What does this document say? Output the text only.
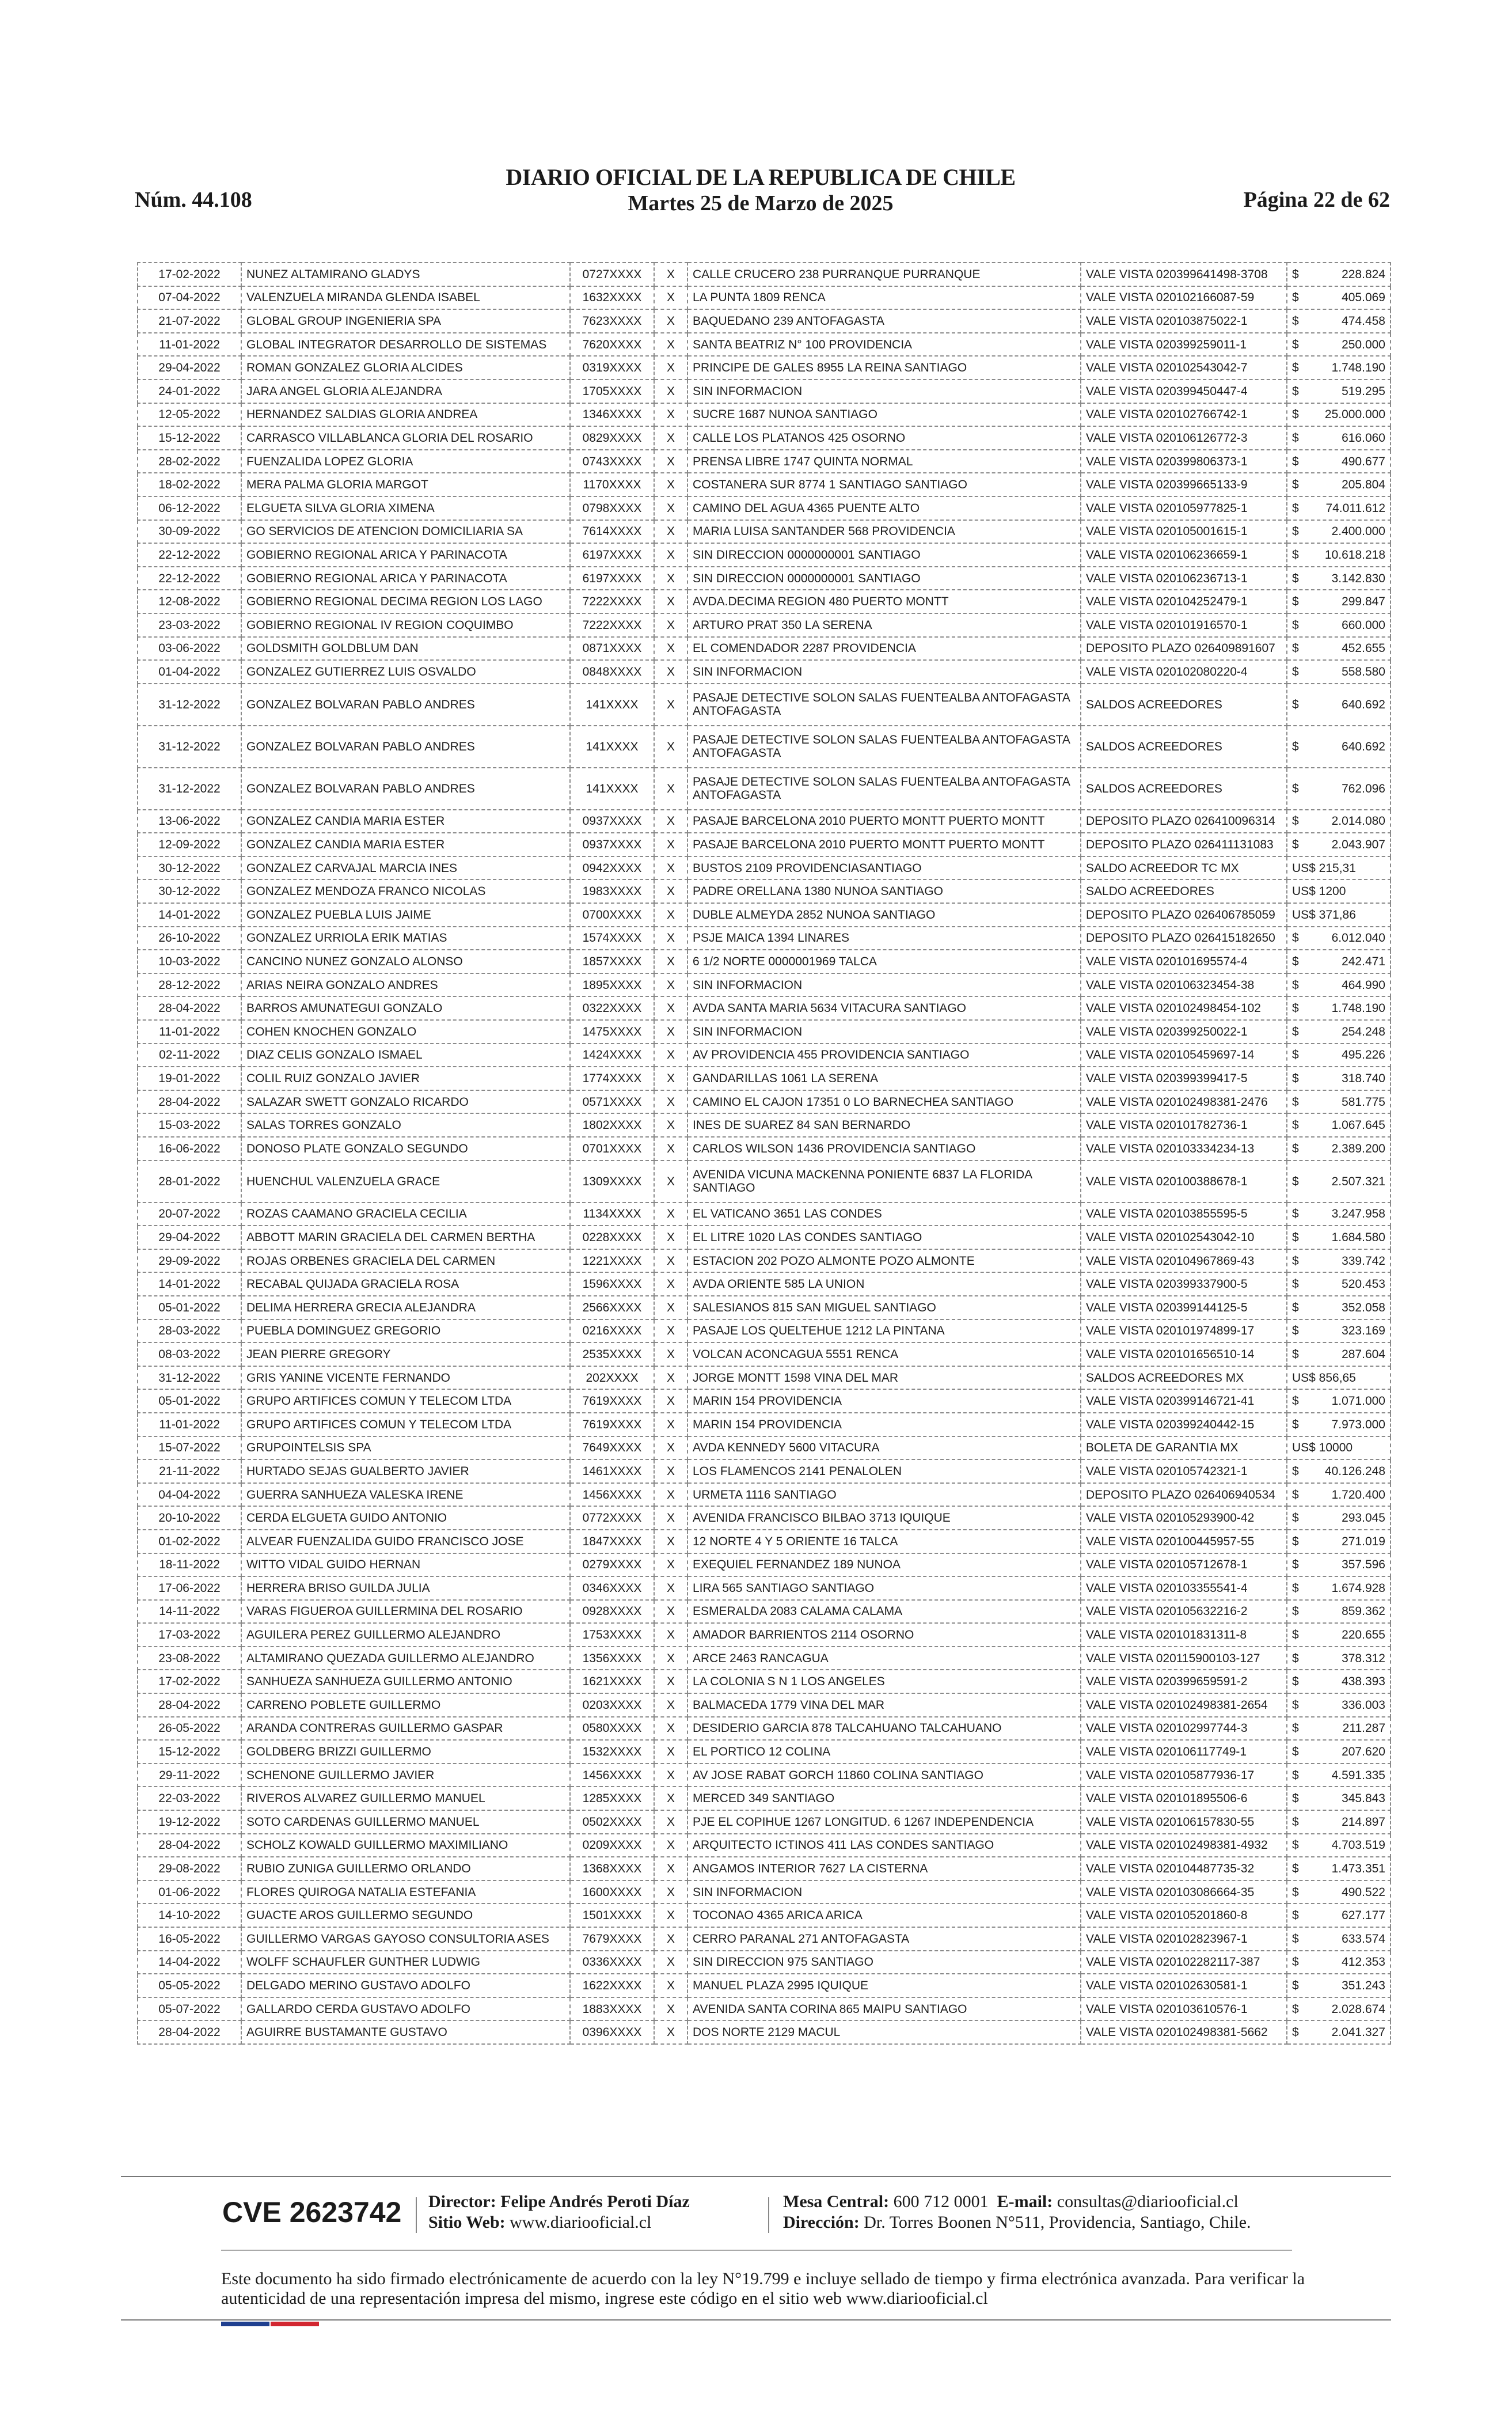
Núm. 44.108
DIARIO OFICIAL DE LA REPUBLICA DE CHILE
Martes 25 de Marzo de 2025	Página 22 de 62
17-02-2022	NUNEZ ALTAMIRANO GLADYS	0727XXXX	X	CALLE CRUCERO 238 PURRANQUE PURRANQUE	VALE VISTA 020399641498-3708	$ 228.824

07-04-2022	VALENZUELA MIRANDA GLENDA ISABEL	1632XXXX	X	LA PUNTA 1809 RENCA	VALE VISTA 020102166087-59	$ 405.069

21-07-2022	GLOBAL GROUP INGENIERIA SPA	7623XXXX	X	BAQUEDANO 239 ANTOFAGASTA	VALE VISTA 020103875022-1	$ 474.458

11-01-2022	GLOBAL INTEGRATOR DESARROLLO DE SISTEMAS	7620XXXX	X	SANTA BEATRIZ N° 100 PROVIDENCIA	VALE VISTA 020399259011-1	$ 250.000

29-04-2022	ROMAN GONZALEZ GLORIA ALCIDES	0319XXXX	X	PRINCIPE DE GALES 8955 LA REINA SANTIAGO	VALE VISTA 020102543042-7	$ 1.748.190

24-01-2022	JARA ANGEL GLORIA ALEJANDRA	1705XXXX	X	SIN INFORMACION	VALE VISTA 020399450447-4	$ 519.295

12-05-2022	HERNANDEZ SALDIAS GLORIA ANDREA	1346XXXX	X	SUCRE 1687 NUNOA SANTIAGO	VALE VISTA 020102766742-1	$ 25.000.000

15-12-2022	CARRASCO VILLABLANCA GLORIA DEL ROSARIO	0829XXXX	X	CALLE LOS PLATANOS 425 OSORNO	VALE VISTA 020106126772-3	$ 616.060

28-02-2022	FUENZALIDA LOPEZ GLORIA	0743XXXX	X	PRENSA LIBRE 1747 QUINTA NORMAL	VALE VISTA 020399806373-1	$ 490.677

18-02-2022	MERA PALMA GLORIA MARGOT	1170XXXX	X	COSTANERA SUR 8774 1 SANTIAGO SANTIAGO	VALE VISTA 020399665133-9	$ 205.804

06-12-2022	ELGUETA SILVA GLORIA XIMENA	0798XXXX	X	CAMINO DEL AGUA 4365 PUENTE ALTO	VALE VISTA 020105977825-1	$ 74.011.612

30-09-2022	GO SERVICIOS DE ATENCION DOMICILIARIA SA	7614XXXX	X	MARIA LUISA SANTANDER 568 PROVIDENCIA	VALE VISTA 020105001615-1	$ 2.400.000

22-12-2022	GOBIERNO REGIONAL ARICA Y PARINACOTA	6197XXXX	X	SIN DIRECCION 0000000001 SANTIAGO	VALE VISTA 020106236659-1	$ 10.618.218

22-12-2022	GOBIERNO REGIONAL ARICA Y PARINACOTA	6197XXXX	X	SIN DIRECCION 0000000001 SANTIAGO	VALE VISTA 020106236713-1	$ 3.142.830

12-08-2022	GOBIERNO REGIONAL DECIMA REGION LOS LAGO	7222XXXX	X	AVDA.DECIMA REGION 480 PUERTO MONTT	VALE VISTA 020104252479-1	$ 299.847

23-03-2022	GOBIERNO REGIONAL IV REGION COQUIMBO	7222XXXX	X	ARTURO PRAT 350 LA SERENA	VALE VISTA 020101916570-1	$ 660.000

03-06-2022	GOLDSMITH GOLDBLUM DAN	0871XXXX	X	EL COMENDADOR 2287 PROVIDENCIA	DEPOSITO PLAZO 026409891607	$ 452.655

01-04-2022	GONZALEZ GUTIERREZ LUIS OSVALDO	0848XXXX	X	SIN INFORMACION	VALE VISTA 020102080220-4	$ 558.580

31-12-2022	GONZALEZ BOLVARAN PABLO ANDRES	141XXXX	X	PASAJE DETECTIVE SOLON SALAS FUENTEALBA ANTOFAGASTA ANTOFAGASTA	SALDOS ACREEDORES	$ 640.692

31-12-2022	GONZALEZ BOLVARAN PABLO ANDRES	141XXXX	X	PASAJE DETECTIVE SOLON SALAS FUENTEALBA ANTOFAGASTA ANTOFAGASTA	SALDOS ACREEDORES	$ 640.692

31-12-2022	GONZALEZ BOLVARAN PABLO ANDRES	141XXXX	X	PASAJE DETECTIVE SOLON SALAS FUENTEALBA ANTOFAGASTA ANTOFAGASTA	SALDOS ACREEDORES	$ 762.096

13-06-2022	GONZALEZ CANDIA MARIA ESTER	0937XXXX	X	PASAJE BARCELONA 2010 PUERTO MONTT PUERTO MONTT	DEPOSITO PLAZO 026410096314	$ 2.014.080

12-09-2022	GONZALEZ CANDIA MARIA ESTER	0937XXXX	X	PASAJE BARCELONA 2010 PUERTO MONTT PUERTO MONTT	DEPOSITO PLAZO 026411131083	$ 2.043.907

30-12-2022	GONZALEZ CARVAJAL MARCIA INES	0942XXXX	X	BUSTOS 2109 PROVIDENCIASANTIAGO	SALDO ACREEDOR TC MX	US$ 215,31

30-12-2022	GONZALEZ MENDOZA FRANCO NICOLAS	1983XXXX	X	PADRE ORELLANA 1380 NUNOA SANTIAGO	SALDO ACREEDORES	US$ 1200

14-01-2022	GONZALEZ PUEBLA LUIS JAIME	0700XXXX	X	DUBLE ALMEYDA 2852 NUNOA SANTIAGO	DEPOSITO PLAZO 026406785059	US$ 371,86

26-10-2022	GONZALEZ URRIOLA ERIK MATIAS	1574XXXX	X	PSJE MAICA 1394 LINARES	DEPOSITO PLAZO 026415182650	$ 6.012.040

10-03-2022	CANCINO NUNEZ GONZALO ALONSO	1857XXXX	X	6 1/2 NORTE 0000001969 TALCA	VALE VISTA 020101695574-4	$ 242.471

28-12-2022	ARIAS NEIRA GONZALO ANDRES	1895XXXX	X	SIN INFORMACION	VALE VISTA 020106323454-38	$ 464.990

28-04-2022	BARROS AMUNATEGUI GONZALO	0322XXXX	X	AVDA SANTA MARIA 5634 VITACURA SANTIAGO	VALE VISTA 020102498454-102	$ 1.748.190

11-01-2022	COHEN KNOCHEN GONZALO	1475XXXX	X	SIN INFORMACION	VALE VISTA 020399250022-1	$ 254.248

02-11-2022	DIAZ CELIS GONZALO ISMAEL	1424XXXX	X	AV PROVIDENCIA 455 PROVIDENCIA SANTIAGO	VALE VISTA 020105459697-14	$ 495.226

19-01-2022	COLIL RUIZ GONZALO JAVIER	1774XXXX	X	GANDARILLAS 1061 LA SERENA	VALE VISTA 020399399417-5	$ 318.740

28-04-2022	SALAZAR SWETT GONZALO RICARDO	0571XXXX	X	CAMINO EL CAJON 17351 0 LO BARNECHEA SANTIAGO	VALE VISTA 020102498381-2476	$ 581.775

15-03-2022	SALAS TORRES GONZALO	1802XXXX	X	INES DE SUAREZ 84 SAN BERNARDO	VALE VISTA 020101782736-1	$ 1.067.645

16-06-2022	DONOSO PLATE GONZALO SEGUNDO	0701XXXX	X	CARLOS WILSON 1436 PROVIDENCIA SANTIAGO	VALE VISTA 020103334234-13	$ 2.389.200

28-01-2022	HUENCHUL VALENZUELA GRACE	1309XXXX	X	AVENIDA VICUNA MACKENNA PONIENTE 6837 LA FLORIDA SANTIAGO	VALE VISTA 020100388678-1	$ 2.507.321

20-07-2022	ROZAS CAAMANO GRACIELA CECILIA	1134XXXX	X	EL VATICANO 3651 LAS CONDES	VALE VISTA 020103855595-5	$ 3.247.958

29-04-2022	ABBOTT MARIN GRACIELA DEL CARMEN BERTHA	0228XXXX	X	EL LITRE 1020 LAS CONDES SANTIAGO	VALE VISTA 020102543042-10	$ 1.684.580

29-09-2022	ROJAS ORBENES GRACIELA DEL CARMEN	1221XXXX	X	ESTACION 202 POZO ALMONTE POZO ALMONTE	VALE VISTA 020104967869-43	$ 339.742

14-01-2022	RECABAL QUIJADA GRACIELA ROSA	1596XXXX	X	AVDA ORIENTE 585 LA UNION	VALE VISTA 020399337900-5	$ 520.453

05-01-2022	DELIMA HERRERA GRECIA ALEJANDRA	2566XXXX	X	SALESIANOS 815 SAN MIGUEL SANTIAGO	VALE VISTA 020399144125-5	$ 352.058

28-03-2022	PUEBLA DOMINGUEZ GREGORIO	0216XXXX	X	PASAJE LOS QUELTEHUE 1212 LA PINTANA	VALE VISTA 020101974899-17	$ 323.169

08-03-2022	JEAN PIERRE GREGORY	2535XXXX	X	VOLCAN ACONCAGUA 5551 RENCA	VALE VISTA 020101656510-14	$ 287.604

31-12-2022	GRIS YANINE VICENTE FERNANDO	202XXXX	X	JORGE MONTT 1598 VINA DEL MAR	SALDOS ACREEDORES MX	US$ 856,65

05-01-2022	GRUPO ARTIFICES COMUN Y TELECOM LTDA	7619XXXX	X	MARIN 154 PROVIDENCIA	VALE VISTA 020399146721-41	$ 1.071.000

11-01-2022	GRUPO ARTIFICES COMUN Y TELECOM LTDA	7619XXXX	X	MARIN 154 PROVIDENCIA	VALE VISTA 020399240442-15	$ 7.973.000

15-07-2022	GRUPOINTELSIS SPA	7649XXXX	X	AVDA KENNEDY 5600 VITACURA	BOLETA DE GARANTIA MX	US$ 10000

21-11-2022	HURTADO SEJAS GUALBERTO JAVIER	1461XXXX	X	LOS FLAMENCOS 2141 PENALOLEN	VALE VISTA 020105742321-1	$ 40.126.248

04-04-2022	GUERRA SANHUEZA VALESKA IRENE	1456XXXX	X	URMETA 1116 SANTIAGO	DEPOSITO PLAZO 026406940534	$ 1.720.400

20-10-2022	CERDA ELGUETA GUIDO ANTONIO	0772XXXX	X	AVENIDA FRANCISCO BILBAO 3713 IQUIQUE	VALE VISTA 020105293900-42	$ 293.045

01-02-2022	ALVEAR FUENZALIDA GUIDO FRANCISCO JOSE	1847XXXX	X	12 NORTE 4 Y 5 ORIENTE 16 TALCA	VALE VISTA 020100445957-55	$ 271.019

18-11-2022	WITTO VIDAL GUIDO HERNAN	0279XXXX	X	EXEQUIEL FERNANDEZ 189 NUNOA	VALE VISTA 020105712678-1	$ 357.596

17-06-2022	HERRERA BRISO GUILDA JULIA	0346XXXX	X	LIRA 565 SANTIAGO SANTIAGO	VALE VISTA 020103355541-4	$ 1.674.928

14-11-2022	VARAS FIGUEROA GUILLERMINA DEL ROSARIO	0928XXXX	X	ESMERALDA 2083 CALAMA CALAMA	VALE VISTA 020105632216-2	$ 859.362

17-03-2022	AGUILERA PEREZ GUILLERMO ALEJANDRO	1753XXXX	X	AMADOR BARRIENTOS 2114 OSORNO	VALE VISTA 020101831311-8	$ 220.655

23-08-2022	ALTAMIRANO QUEZADA GUILLERMO ALEJANDRO	1356XXXX	X	ARCE 2463 RANCAGUA	VALE VISTA 020115900103-127	$ 378.312

17-02-2022	SANHUEZA SANHUEZA GUILLERMO ANTONIO	1621XXXX	X	LA COLONIA S N 1 LOS ANGELES	VALE VISTA 020399659591-2	$ 438.393

28-04-2022	CARRENO POBLETE GUILLERMO	0203XXXX	X	BALMACEDA 1779 VINA DEL MAR	VALE VISTA 020102498381-2654	$ 336.003

26-05-2022	ARANDA CONTRERAS GUILLERMO GASPAR	0580XXXX	X	DESIDERIO GARCIA 878 TALCAHUANO TALCAHUANO	VALE VISTA 020102997744-3	$ 211.287

15-12-2022	GOLDBERG BRIZZI GUILLERMO	1532XXXX	X	EL PORTICO 12 COLINA	VALE VISTA 020106117749-1	$ 207.620

29-11-2022	SCHENONE GUILLERMO JAVIER	1456XXXX	X	AV JOSE RABAT GORCH 11860 COLINA SANTIAGO	VALE VISTA 020105877936-17	$ 4.591.335

22-03-2022	RIVEROS ALVAREZ GUILLERMO MANUEL	1285XXXX	X	MERCED 349 SANTIAGO	VALE VISTA 020101895506-6	$ 345.843

19-12-2022	SOTO CARDENAS GUILLERMO MANUEL	0502XXXX	X	PJE EL COPIHUE 1267 LONGITUD. 6 1267 INDEPENDENCIA	VALE VISTA 020106157830-55	$ 214.897

28-04-2022	SCHOLZ KOWALD GUILLERMO MAXIMILIANO	0209XXXX	X	ARQUITECTO ICTINOS 411 LAS CONDES SANTIAGO	VALE VISTA 020102498381-4932	$ 4.703.519

29-08-2022	RUBIO ZUNIGA GUILLERMO ORLANDO	1368XXXX	X	ANGAMOS INTERIOR 7627 LA CISTERNA	VALE VISTA 020104487735-32	$ 1.473.351

01-06-2022	FLORES QUIROGA NATALIA ESTEFANIA	1600XXXX	X	SIN INFORMACION	VALE VISTA 020103086664-35	$ 490.522

14-10-2022	GUACTE AROS GUILLERMO SEGUNDO	1501XXXX	X	TOCONAO 4365 ARICA ARICA	VALE VISTA 020105201860-8	$ 627.177

16-05-2022	GUILLERMO VARGAS GAYOSO CONSULTORIA ASES	7679XXXX	X	CERRO PARANAL 271 ANTOFAGASTA	VALE VISTA 020102823967-1	$ 633.574

14-04-2022	WOLFF SCHAUFLER GUNTHER LUDWIG	0336XXXX	X	SIN DIRECCION 975 SANTIAGO	VALE VISTA 020102282117-387	$ 412.353

05-05-2022	DELGADO MERINO GUSTAVO ADOLFO	1622XXXX	X	MANUEL PLAZA 2995 IQUIQUE	VALE VISTA 020102630581-1	$ 351.243

05-07-2022	GALLARDO CERDA GUSTAVO ADOLFO	1883XXXX	X	AVENIDA SANTA CORINA 865 MAIPU SANTIAGO	VALE VISTA 020103610576-1	$ 2.028.674

28-04-2022	AGUIRRE BUSTAMANTE GUSTAVO	0396XXXX	X	DOS NORTE 2129 MACUL	VALE VISTA 020102498381-5662	$ 2.041.327
CVE 2623742 Director: Felipe Andrés Peroti Díaz
Sitio Web: www.diariooficial.cl
Mesa Central: 600 712 0001 E-mail: consultas@diariooficial.cl
Dirección: Dr. Torres Boonen N°511, Providencia, Santiago, Chile.
Este documento ha sido firmado electrónicamente de acuerdo con la ley N°19.799 e incluye sellado de tiempo y firma electrónica avanzada. Para verificar la autenticidad de una representación impresa del mismo, ingrese este código en el sitio web www.diariooficial.cl
